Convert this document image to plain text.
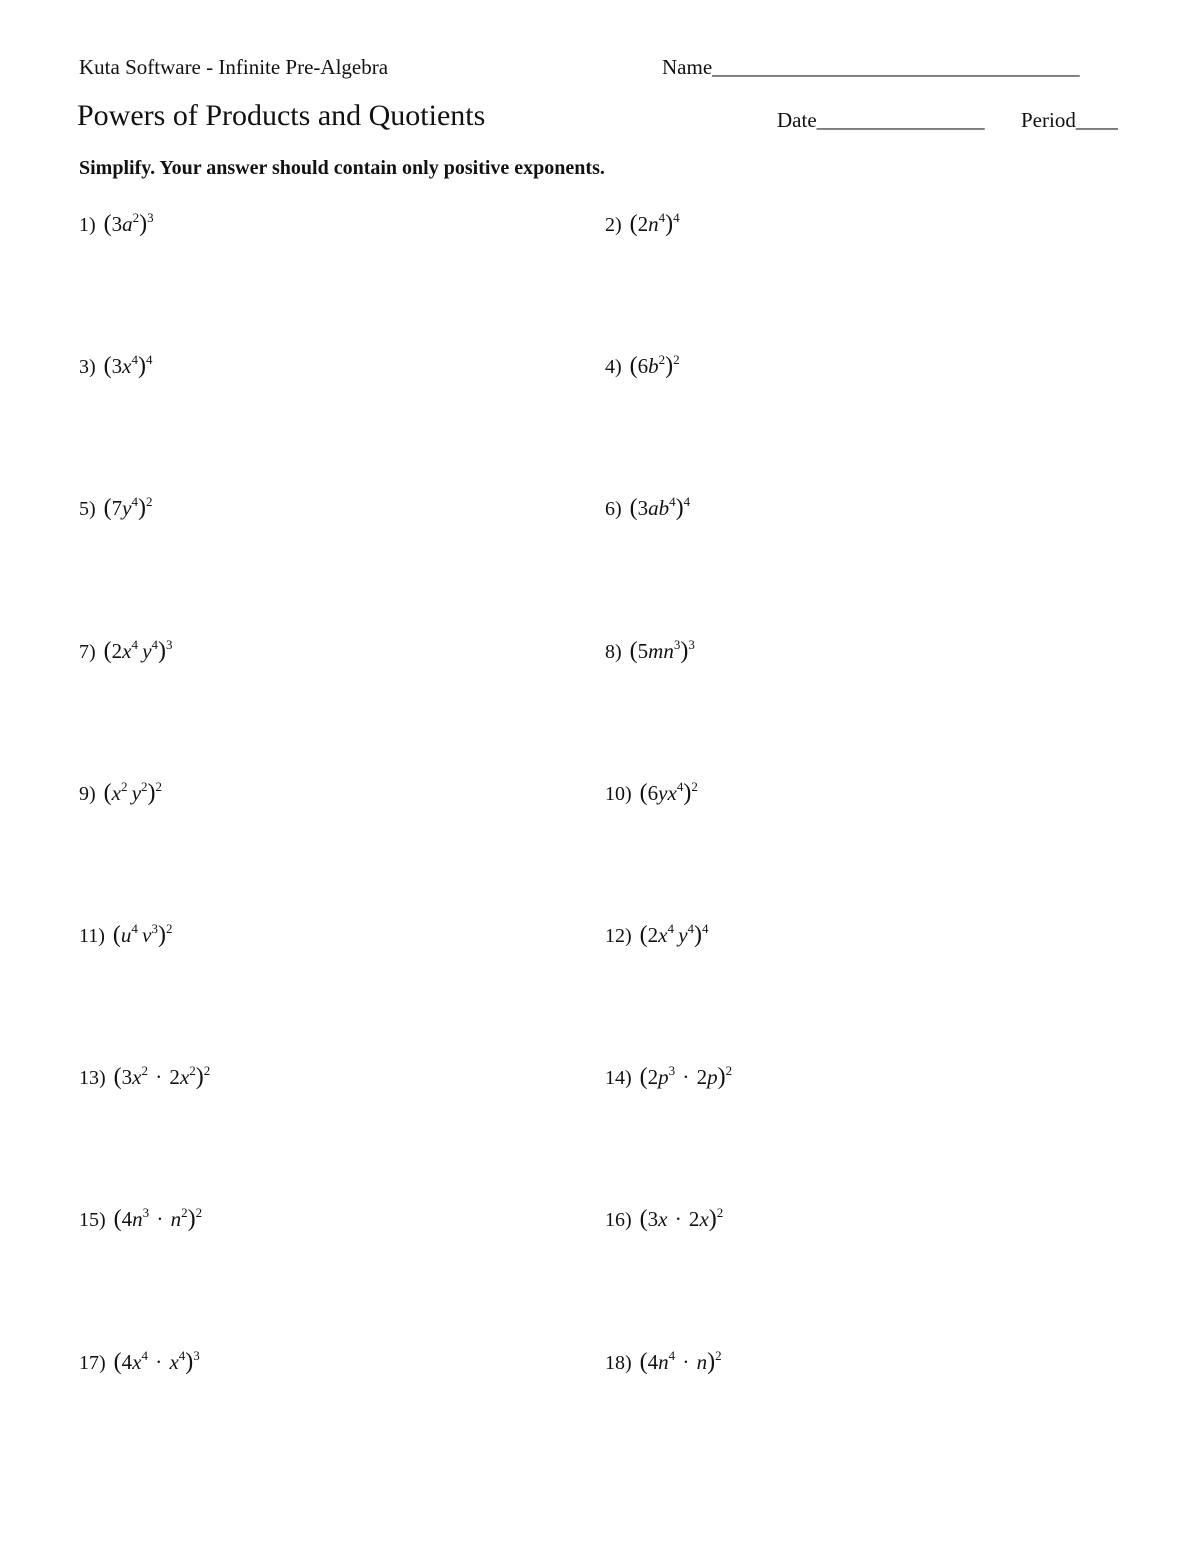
Kuta Software - Infinite Pre-Algebra	Name___________________________________
Powers of Products and Quotients	Date________________ Period____
Simplify. Your answer should contain only positive exponents.
1) $(3a^2)^3$	2) $(2n^4)^4$
3) $(3x^4)^4$	4) $(6b^2)^2$
5) $(7y^4)^2$	6) $(3ab^4)^4$
7) ($2x^4$  $y^4)^3$	8) $(5mn^3)^3$
9) ($x^2$  $y^2)^2$	10) $(6yx^4)^2$
11) ($u^4$  $v^3)^2$	12) ($2x^4$  $y^4)^4$
13) $(3x^2 \cdot 2x^2)^2$	14) $(2p^3 \cdot 2p)^2$
15) $(4n^3 \cdot n^2)^2$	16) $(3x \cdot 2x)^2$
17) $(4x^4 \cdot x^4)^3$	18) $(4n^4 \cdot n)^2$
